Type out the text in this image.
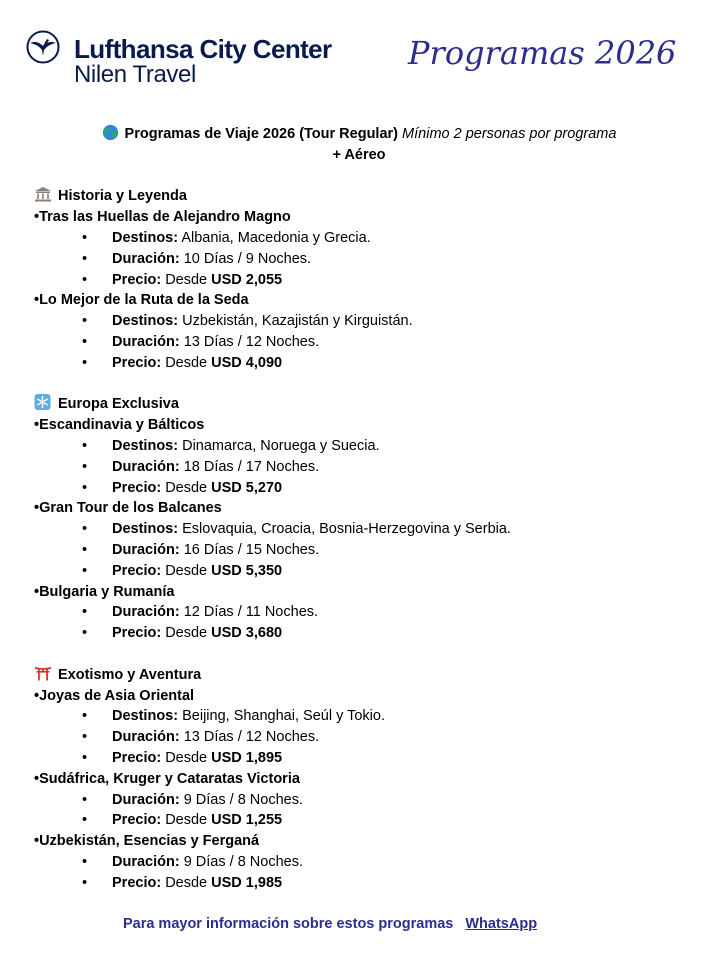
Lufthansa City Center
Nilen Travel
Programas 2026
Programas de Viaje 2026 (Tour Regular) Mínimo 2 personas por programa
+ Aéreo
Historia y Leyenda
•Tras las Huellas de Alejandro Magno
• Destinos: Albania, Macedonia y Grecia.
• Duración: 10 Días / 9 Noches.
• Precio: Desde USD 2,055
•Lo Mejor de la Ruta de la Seda
• Destinos: Uzbekistán, Kazajistán y Kirguistán.
• Duración: 13 Días / 12 Noches.
• Precio: Desde USD 4,090
Europa Exclusiva
•Escandinavia y Bálticos
• Destinos: Dinamarca, Noruega y Suecia.
• Duración: 18 Días / 17 Noches.
• Precio: Desde USD 5,270
•Gran Tour de los Balcanes
• Destinos: Eslovaquia, Croacia, Bosnia-Herzegovina y Serbia.
• Duración: 16 Días / 15 Noches.
• Precio: Desde USD 5,350
•Bulgaria y Rumanía
• Duración: 12 Días / 11 Noches.
• Precio: Desde USD 3,680
Exotismo y Aventura
•Joyas de Asia Oriental
• Destinos: Beijing, Shanghai, Seúl y Tokio.
• Duración: 13 Días / 12 Noches.
• Precio: Desde USD 1,895
•Sudáfrica, Kruger y Cataratas Victoria
• Duración: 9 Días / 8 Noches.
• Precio: Desde USD 1,255
•Uzbekistán, Esencias y Ferganá
• Duración: 9 Días / 8 Noches.
• Precio: Desde USD 1,985
Para mayor información sobre estos programas WhatsApp
